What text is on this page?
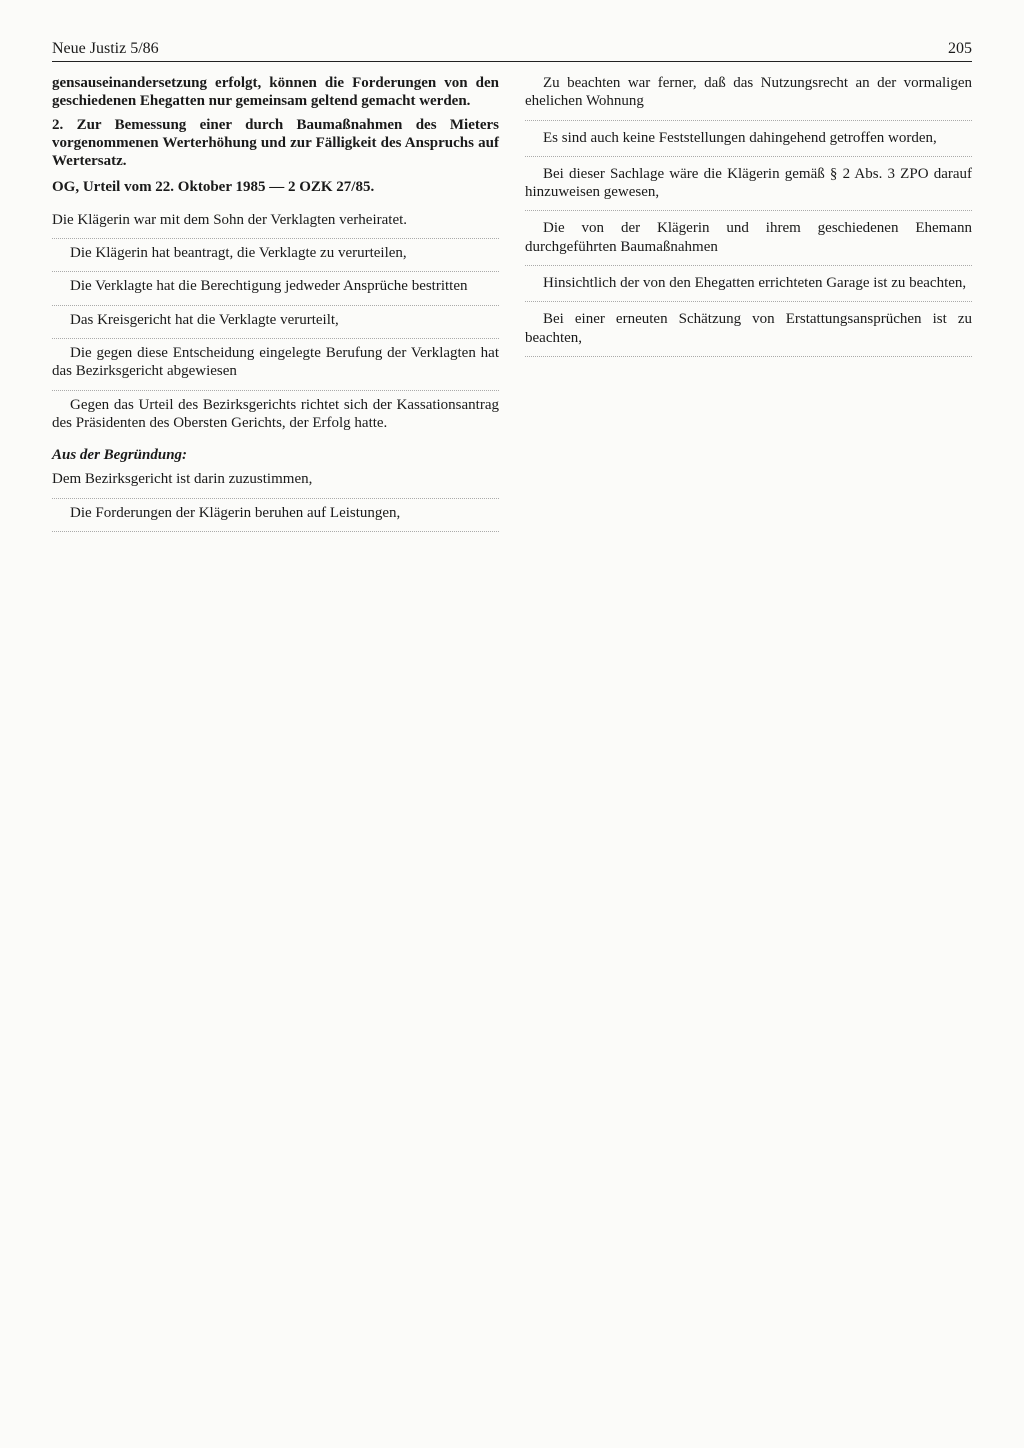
Neue Justiz 5/86	205

gensauseinandersetzung erfolgt, können die Forderungen von den geschiedenen Ehegatten nur gemeinsam geltend gemacht werden.

2. Zur Bemessung einer durch Baumaßnahmen des Mieters vorgenommenen Werterhöhung und zur Fälligkeit des Anspruchs auf Wertersatz.

OG, Urteil vom 22. Oktober 1985 — 2 OZK 27/85.

Die Klägerin war mit dem Sohn der Verklagten verheiratet.

Die Klägerin hat beantragt, die Verklagte zu verurteilen,

Die Verklagte hat die Berechtigung jedweder Ansprüche bestritten

Das Kreisgericht hat die Verklagte verurteilt,

Die gegen diese Entscheidung eingelegte Berufung der Verklagten hat das Bezirksgericht abgewiesen

Gegen das Urteil des Bezirksgerichts richtet sich der Kassationsantrag des Präsidenten des Obersten Gerichts, der Erfolg hatte.

Aus der Begründung:

Dem Bezirksgericht ist darin zuzustimmen,

Die Forderungen der Klägerin beruhen auf Leistungen,

Zu beachten war ferner, daß das Nutzungsrecht an der vormaligen ehelichen Wohnung

Es sind auch keine Feststellungen dahingehend getroffen worden,

Bei dieser Sachlage wäre die Klägerin gemäß § 2 Abs. 3 ZPO darauf hinzuweisen gewesen,

Die von der Klägerin und ihrem geschiedenen Ehemann durchgeführten Baumaßnahmen

Hinsichtlich der von den Ehegatten errichteten Garage ist zu beachten,

Bei einer erneuten Schätzung von Erstattungsansprüchen ist zu beachten,
